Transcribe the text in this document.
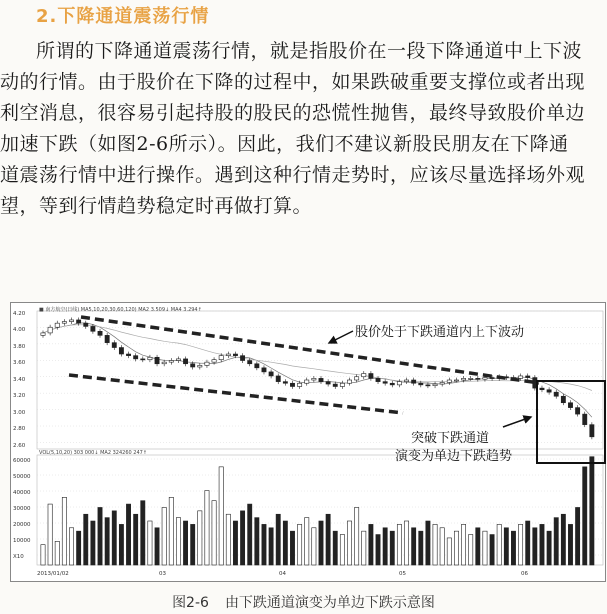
2.下降通道震荡行情
所谓的下降通道震荡行情，就是指股价在一段下降通道中上下波
动的行情。由于股价在下降的过程中，如果跌破重要支撑位或者出现
利空消息，很容易引起持股的股民的恐慌性抛售，最终导致股价单边
加速下跌（如图2-6所示）。因此，我们不建议新股民朋友在下降通
道震荡行情中进行操作。遇到这种行情走势时，应该尽量选择场外观
望，等到行情趋势稳定时再做打算。
■ 南方航空(日线) MA5,10,20,30,60,120) MA2 3.509↓ MA4 3.294↑
VOL(5,10,20) 303 000↓ MA2 324260 247↑
4.20
4.00
3.80
3.60
3.40
3.20
3.00
2.80
2.60
60000
50000
40000
30000
20000
10000
X10
2013/01/02	03	04	05	06
股价处于下跌通道内上下波动
突破下跌通道
演变为单边下跌趋势
图2-6 由下跌通道演变为单边下跌示意图
